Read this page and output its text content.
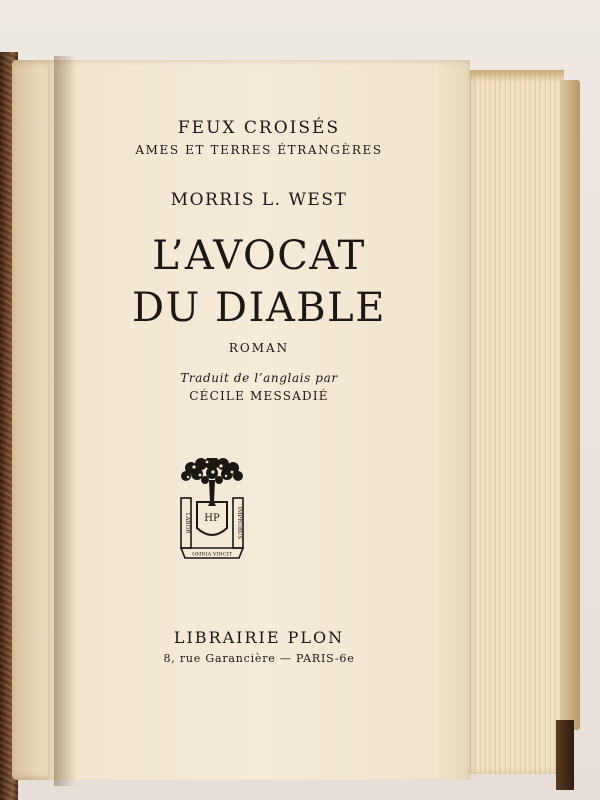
FEUX CROISÉS

AMES ET TERRES ÉTRANGÈRES

MORRIS L. WEST

L’AVOCAT

DU DIABLE

ROMAN

Traduit de l’anglais par

CÉCILE MESSADIÉ

HP
LABOR	IMPROBUS
OMNIA VINCIT

LIBRAIRIE PLON

8, rue Garancière — PARIS-6e
